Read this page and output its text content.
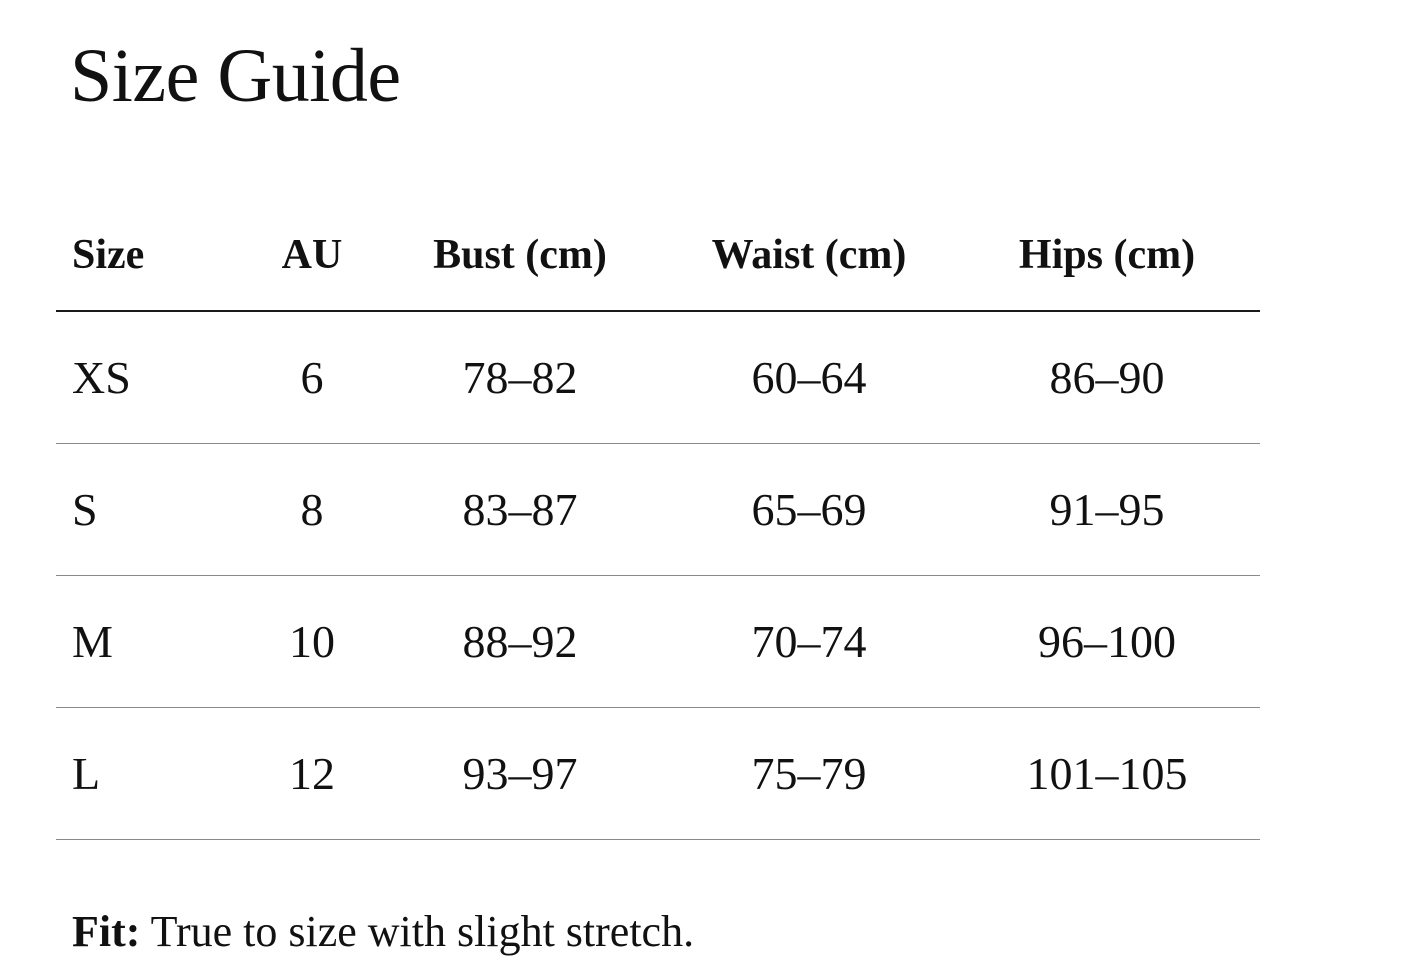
Size Guide
Size	AU	Bust (cm)	Waist (cm)	Hips (cm)
XS	6	78–82	60–64	86–90
S	8	83–87	65–69	91–95
M	10	88–92	70–74	96–100
L	12	93–97	75–79	101–105

Fit: True to size with slight stretch.
